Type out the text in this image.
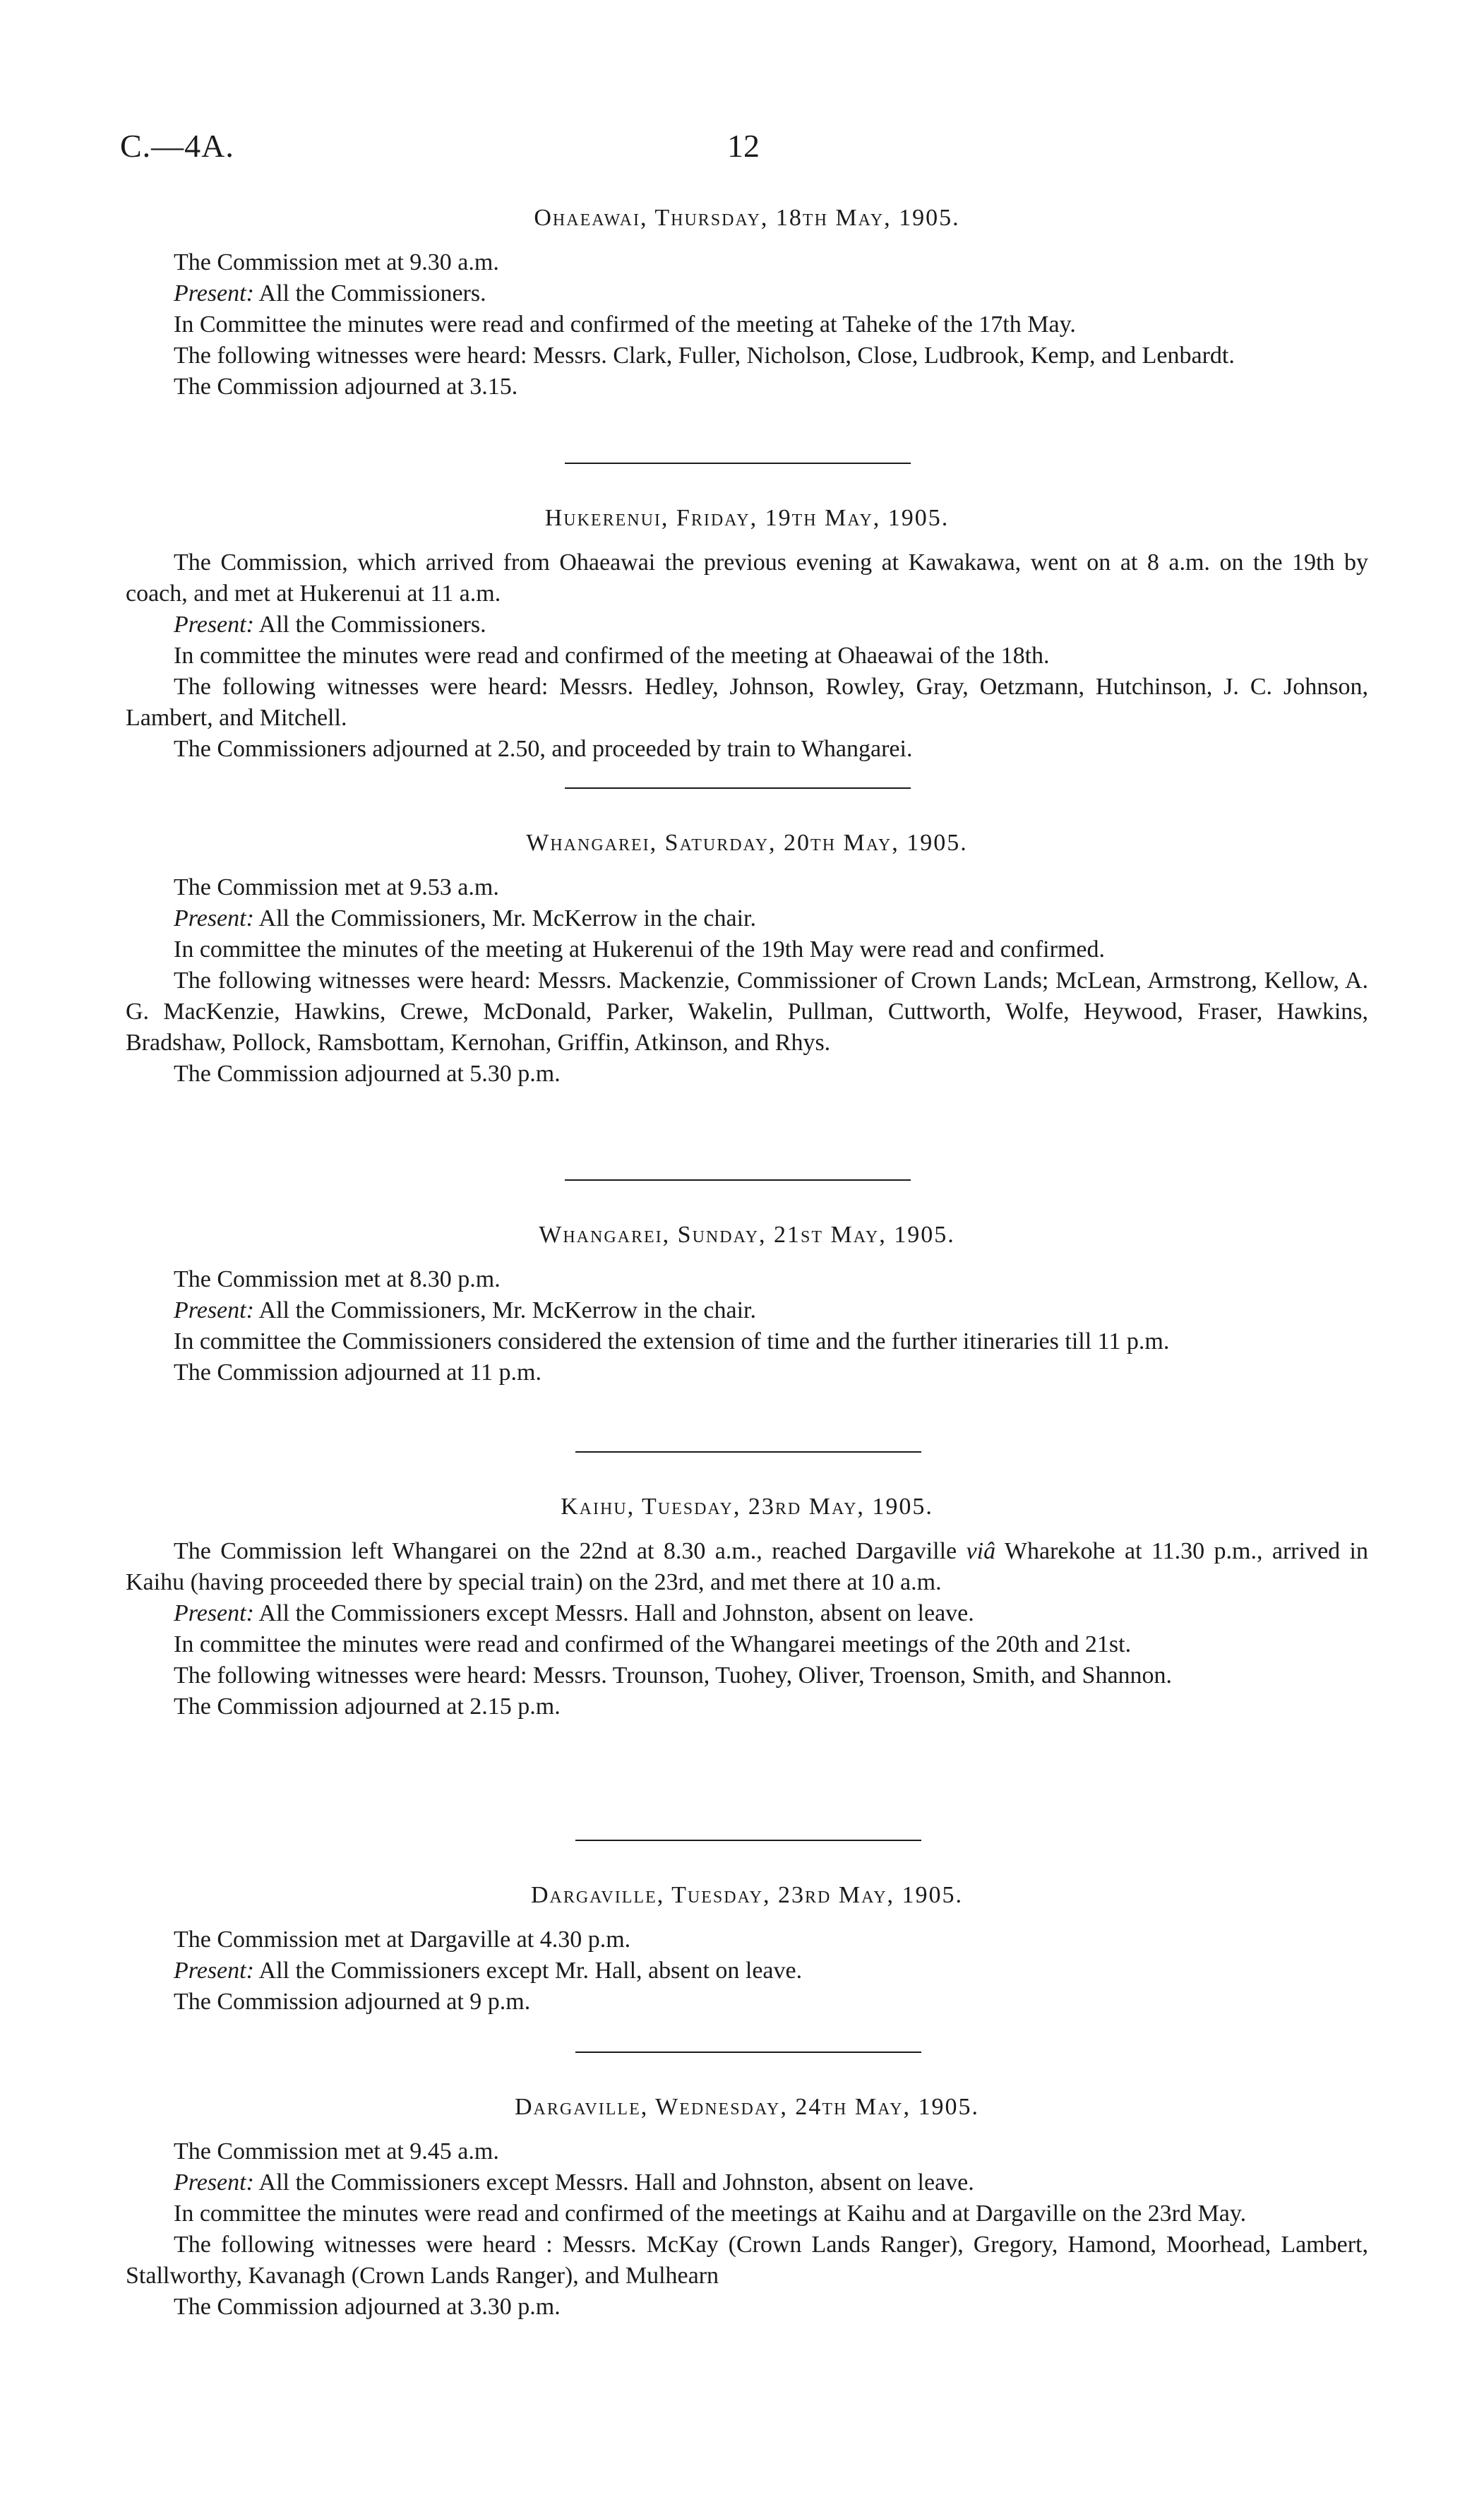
C.—4A.	12
Ohaeawai, Thursday, 18th May, 1905.

The Commission met at 9.30 a.m.

Present: All the Commissioners.

In Committee the minutes were read and confirmed of the meeting at Taheke of the 17th May.

The following witnesses were heard: Messrs. Clark, Fuller, Nicholson, Close, Ludbrook, Kemp, and Lenbardt.

The Commission adjourned at 3.15.

Hukerenui, Friday, 19th May, 1905.

The Commission, which arrived from Ohaeawai the previous evening at Kawakawa, went on at 8 a.m. on the 19th by coach, and met at Hukerenui at 11 a.m.

Present: All the Commissioners.

In committee the minutes were read and confirmed of the meeting at Ohaeawai of the 18th.

The following witnesses were heard: Messrs. Hedley, Johnson, Rowley, Gray, Oetzmann, Hutchinson, J. C. Johnson, Lambert, and Mitchell.

The Commissioners adjourned at 2.50, and proceeded by train to Whangarei.

Whangarei, Saturday, 20th May, 1905.

The Commission met at 9.53 a.m.

Present: All the Commissioners, Mr. McKerrow in the chair.

In committee the minutes of the meeting at Hukerenui of the 19th May were read and confirmed.

The following witnesses were heard: Messrs. Mackenzie, Commissioner of Crown Lands; McLean, Armstrong, Kellow, A. G. MacKenzie, Hawkins, Crewe, McDonald, Parker, Wakelin, Pullman, Cuttworth, Wolfe, Heywood, Fraser, Hawkins, Bradshaw, Pollock, Ramsbottam, Kernohan, Griffin, Atkinson, and Rhys.

The Commission adjourned at 5.30 p.m.

Whangarei, Sunday, 21st May, 1905.

The Commission met at 8.30 p.m.

Present: All the Commissioners, Mr. McKerrow in the chair.

In committee the Commissioners considered the extension of time and the further itineraries till 11 p.m.

The Commission adjourned at 11 p.m.

Kaihu, Tuesday, 23rd May, 1905.

The Commission left Whangarei on the 22nd at 8.30 a.m., reached Dargaville viâ Wharekohe at 11.30 p.m., arrived in Kaihu (having proceeded there by special train) on the 23rd, and met there at 10 a.m.

Present: All the Commissioners except Messrs. Hall and Johnston, absent on leave.

In committee the minutes were read and confirmed of the Whangarei meetings of the 20th and 21st.

The following witnesses were heard: Messrs. Trounson, Tuohey, Oliver, Troenson, Smith, and Shannon.

The Commission adjourned at 2.15 p.m.

Dargaville, Tuesday, 23rd May, 1905.

The Commission met at Dargaville at 4.30 p.m.

Present: All the Commissioners except Mr. Hall, absent on leave.

The Commission adjourned at 9 p.m.

Dargaville, Wednesday, 24th May, 1905.

The Commission met at 9.45 a.m.

Present: All the Commissioners except Messrs. Hall and Johnston, absent on leave.

In committee the minutes were read and confirmed of the meetings at Kaihu and at Dargaville on the 23rd May.

The following witnesses were heard : Messrs. McKay (Crown Lands Ranger), Gregory, Hamond, Moorhead, Lambert, Stallworthy, Kavanagh (Crown Lands Ranger), and Mulhearn

The Commission adjourned at 3.30 p.m.
